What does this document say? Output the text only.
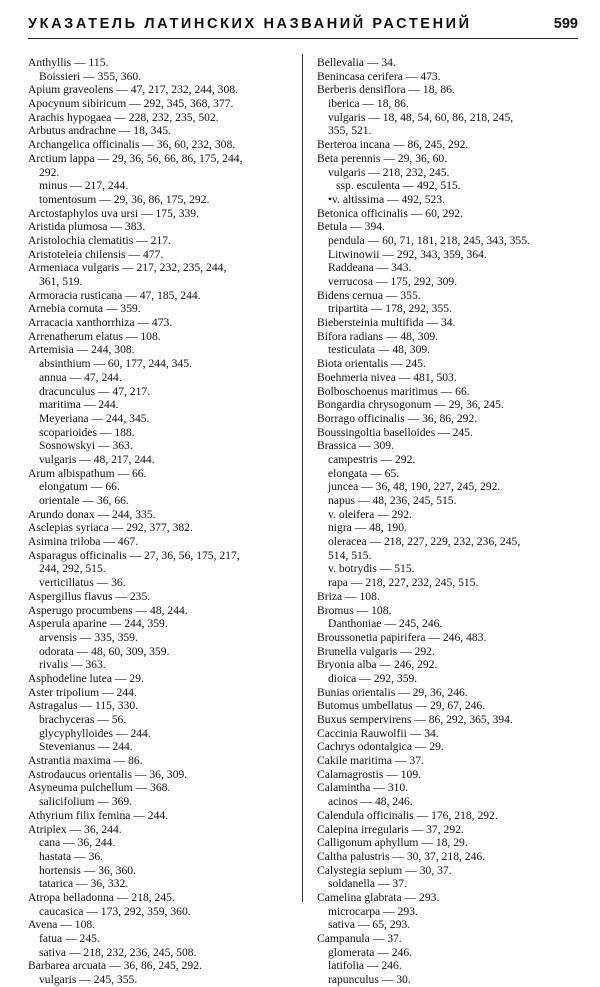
УКАЗАТЕЛЬ ЛАТИНСКИХ НАЗВАНИЙ РАСТЕНИЙ	599
Anthyllis — 115.
Boissieri — 355, 360.
Apium graveolens — 47, 217, 232, 244, 308.
Apocynum sibiricum — 292, 345, 368, 377.
Arachis hypogaea — 228, 232, 235, 502.
Arbutus andrachne — 18, 345.
Archangelica officinalis — 36, 60, 232, 308.
Arctium lappa — 29, 36, 56, 66, 86, 175, 244,
292.
minus — 217, 244.
tomentosum — 29, 36, 86, 175, 292.
Arctostaphylos uva ursi — 175, 339.
Aristida plumosa — 383.
Aristolochia clematitis — 217.
Aristoteleia chilensis — 477.
Armeniaca vulgaris — 217, 232, 235, 244,
361, 519.
Armoracia rusticana — 47, 185, 244.
Arnebia cornuta — 359.
Arracacia xanthorrhiza — 473.
Arrenatherum elatus — 108.
Artemisia — 244, 308.
absinthium — 60, 177, 244, 345.
annua — 47, 244.
dracunculus — 47, 217.
maritima — 244.
Meyeriana — 244, 345.
scoparioides — 188.
Sosnowskyi — 363.
vulgaris — 48, 217, 244.
Arum albispathum — 66.
elongatum — 66.
orientale — 36, 66.
Arundo donax — 244, 335.
Asclepias syriaca — 292, 377, 382.
Asimina triloba — 467.
Asparagus officinalis — 27, 36, 56, 175, 217,
244, 292, 515.
verticillatus — 36.
Aspergillus flavus — 235.
Asperugo procumbens — 48, 244.
Asperula aparine — 244, 359.
arvensis — 335, 359.
odorata — 48, 60, 309, 359.
rivalis — 363.
Asphodeline lutea — 29.
Aster tripolium — 244.
Astragalus — 115, 330.
brachyceras — 56.
glycyphylloides — 244.
Stevenianus — 244.
Astrantia maxima — 86.
Astrodaucus orientalis — 36, 309.
Asyneuma pulchellum — 368.
salicifolium — 369.
Athyrium filix femina — 244.
Atriplex — 36, 244.
cana — 36, 244.
hastata — 36.
hortensis — 36, 360.
tatarica — 36, 332.
Atropa belladonna — 218, 245.
caucasica — 173, 292, 359, 360.
Avena — 108.
fatua — 245.
sativa — 218, 232, 236, 245, 508.
Barbarea arcuata — 36, 86, 245, 292.
vulgaris — 245, 355.
Bellevalia — 34.
Benincasa cerifera — 473.
Berberis densiflora — 18, 86.
iberica — 18, 86.
vulgaris — 18, 48, 54, 60, 86, 218, 245,
355, 521.
Berteroa incana — 86, 245, 292.
Beta perennis — 29, 36, 60.
vulgaris — 218, 232, 245.
ssp. esculenta — 492, 515.
•v. altissima — 492, 523.
Betonica officinalis — 60, 292.
Betula — 394.
pendula — 60, 71, 181, 218, 245, 343, 355.
Litwinowii — 292, 343, 359, 364.
Raddeana — 343.
verrucosa — 175, 292, 309.
Bidens cernua — 355.
tripartita — 178, 292, 355.
Biebersteinia multifida — 34.
Bifora radians — 48, 309.
testiculata — 48, 309.
Biota orientalis — 245.
Boehmeria nivea — 481, 503.
Bolboschoenus maritimus — 66.
Bongardia chrysogonum — 29, 36, 245.
Borrago officinalis — 36, 86, 292.
Boussingoltia baselloides — 245.
Brassica — 309.
campestris — 292.
elongata — 65.
juncea — 36, 48, 190, 227, 245, 292.
napus — 48, 236, 245, 515.
v. oleifera — 292.
nigra — 48, 190.
oleracea — 218, 227, 229, 232, 236, 245,
514, 515.
v. botrydis — 515.
rapa — 218, 227, 232, 245, 515.
Briza — 108.
Bromus — 108.
Danthoniae — 245, 246.
Broussonetia papirifera — 246, 483.
Brunella vulgaris — 292.
Bryonia alba — 246, 292.
dioica — 292, 359.
Bunias orientalis — 29, 36, 246.
Butomus umbellatus — 29, 67, 246.
Buxus sempervirens — 86, 292, 365, 394.
Caccinia Rauwolfii — 34.
Cachrys odontalgica — 29.
Cakile maritima — 37.
Calamagrostis — 109.
Calamintha — 310.
acinos — 48, 246.
Calendula officinalis — 176, 218, 292.
Calepina irregularis — 37, 292.
Calligonum aphyllum — 18, 29.
Caltha palustris — 30, 37, 218, 246.
Calystegia sepium — 30, 37.
soldanella — 37.
Camelina glabrata — 293.
microcarpa — 293.
sativa — 65, 293.
Campanula — 37.
glomerata — 246.
latifolia — 246.
rapunculus — 30.
